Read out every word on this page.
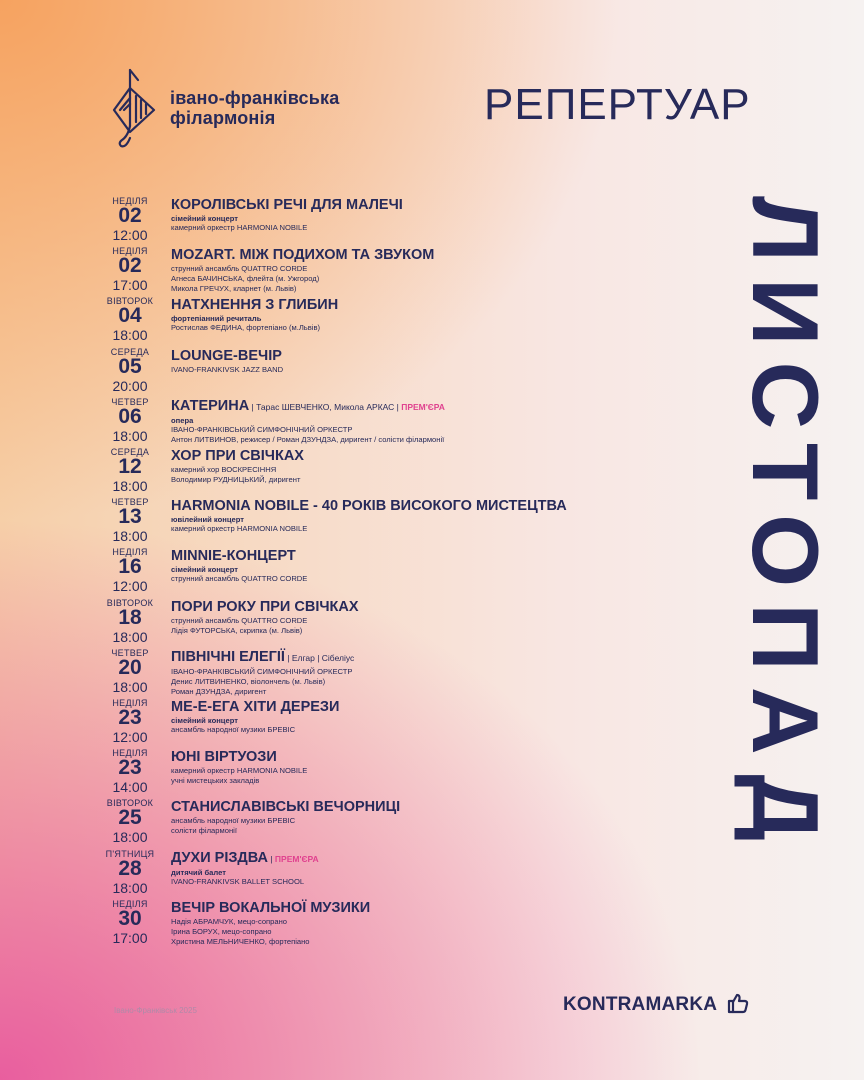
івано-франківська
філармонія	РЕПЕРТУАР
ЛИСТОПАД
НЕДІЛЯ
02
12:00
КОРОЛІВСЬКІ РЕЧІ ДЛЯ МАЛЕЧІ
сімейний концерт
камерний оркестр HARMONIA NOBILE
НЕДІЛЯ
02
17:00
MOZART. МІЖ ПОДИХОМ ТА ЗВУКОМ
струнний ансамбль QUATTRO CORDE
Агнеса БАЧИНСЬКА, флейта (м. Ужгород)
Микола ГРЕЧУХ, кларнет (м. Львів)
ВІВТОРОК
04
18:00
НАТХНЕННЯ З ГЛИБИН
фортепіанний речиталь
Ростислав ФЕДИНА, фортепіано (м.Львів)
СЕРЕДА
05
20:00
LOUNGE-ВЕЧІР
IVANO-FRANKIVSK JAZZ BAND
ЧЕТВЕР
06
18:00
КАТЕРИНА | Тарас ШЕВЧЕНКО, Микола АРКАС | ПРЕМ'ЄРА
опера
ІВАНО-ФРАНКІВСЬКИЙ СИМФОНІЧНИЙ ОРКЕСТР
Антон ЛИТВИНОВ, режисер / Роман ДЗУНДЗА, диригент / солісти філармонії
СЕРЕДА
12
18:00
ХОР ПРИ СВІЧКАХ
камерний хор ВОСКРЕСІННЯ
Володимир РУДНИЦЬКИЙ, диригент
ЧЕТВЕР
13
18:00
HARMONIA NOBILE - 40 РОКІВ ВИСОКОГО МИСТЕЦТВА
ювілейний концерт
камерний оркестр HARMONIA NOBILE
НЕДІЛЯ
16
12:00
MINNIE-КОНЦЕРТ
сімейний концерт
струнний ансамбль QUATTRO CORDE
ВІВТОРОК
18
18:00
ПОРИ РОКУ ПРИ СВІЧКАХ
струнний ансамбль QUATTRO CORDE
Лідія ФУТОРСЬКА, скрипка (м. Львів)
ЧЕТВЕР
20
18:00
ПІВНІЧНІ ЕЛЕГІЇ | Елгар | Сібеліус
ІВАНО-ФРАНКІВСЬКИЙ СИМФОНІЧНИЙ ОРКЕСТР
Денис ЛИТВИНЕНКО, віолончель (м. Львів)
Роман ДЗУНДЗА, диригент
НЕДІЛЯ
23
12:00
МЕ-Е-ЕГА ХІТИ ДЕРЕЗИ
сімейний концерт
ансамбль народної музики БРЕВІС
НЕДІЛЯ
23
14:00
ЮНІ ВІРТУОЗИ
камерний оркестр HARMONIA NOBILE
учні мистецьких закладів
ВІВТОРОК
25
18:00
СТАНИСЛАВІВСЬКІ ВЕЧОРНИЦІ
ансамбль народної музики БРЕВІС
солісти філармонії
П'ЯТНИЦЯ
28
18:00
ДУХИ РІЗДВА | ПРЕМ'ЄРА
дитячий балет
IVANO-FRANKIVSK BALLET SCHOOL
НЕДІЛЯ
30
17:00
ВЕЧІР ВОКАЛЬНОЇ МУЗИКИ
Надія АБРАМЧУК, мецо-сопрано
Ірина БОРУХ, мецо-сопрано
Христина МЕЛЬНИЧЕНКО, фортепіано
Івано-Франківськ 2025	KONTRAMARKA
